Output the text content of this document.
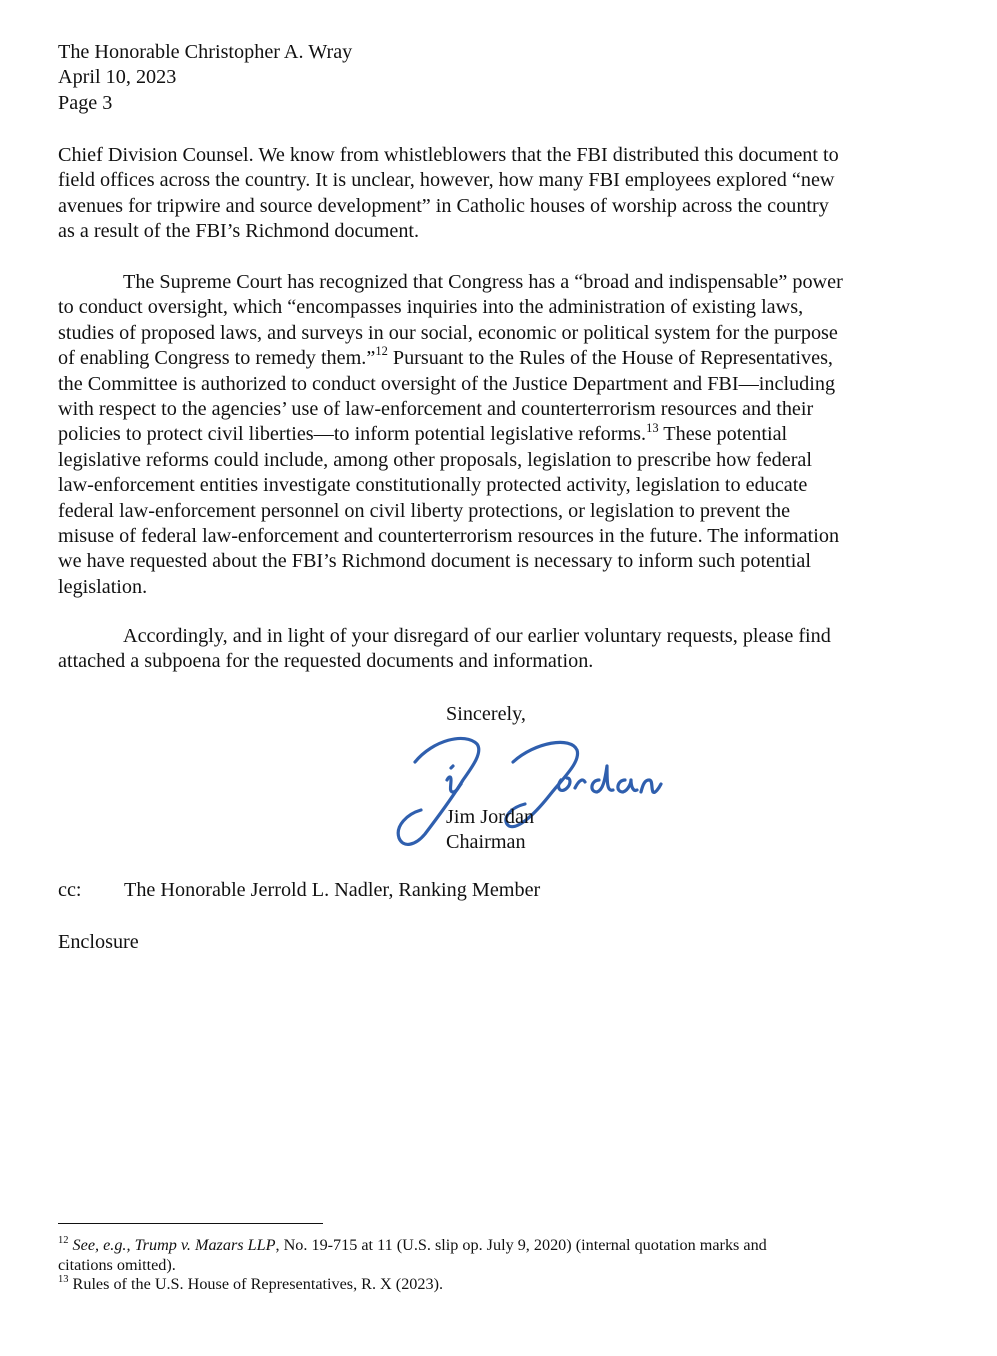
The Honorable Christopher A. Wray
April 10, 2023
Page 3
Chief Division Counsel. We know from whistleblowers that the FBI distributed this document to
field offices across the country. It is unclear, however, how many FBI employees explored “new
avenues for tripwire and source development” in Catholic houses of worship across the country
as a result of the FBI’s Richmond document.
The Supreme Court has recognized that Congress has a “broad and indispensable” power
to conduct oversight, which “encompasses inquiries into the administration of existing laws,
studies of proposed laws, and surveys in our social, economic or political system for the purpose
of enabling Congress to remedy them.”$^{12}$ Pursuant to the Rules of the House of Representatives,
the Committee is authorized to conduct oversight of the Justice Department and FBI—including
with respect to the agencies’ use of law-enforcement and counterterrorism resources and their
policies to protect civil liberties—to inform potential legislative reforms.$^{13}$ These potential
legislative reforms could include, among other proposals, legislation to prescribe how federal
law-enforcement entities investigate constitutionally protected activity, legislation to educate
federal law-enforcement personnel on civil liberty protections, or legislation to prevent the
misuse of federal law-enforcement and counterterrorism resources in the future. The information
we have requested about the FBI’s Richmond document is necessary to inform such potential
legislation.
Accordingly, and in light of your disregard of our earlier voluntary requests, please find
attached a subpoena for the requested documents and information.
Sincerely,
Jim Jordan
Chairman
cc: The Honorable Jerrold L. Nadler, Ranking Member
Enclosure
$^{12}$ See, e.g., Trump v. Mazars LLP, No. 19-715 at 11 (U.S. slip op. July 9, 2020) (internal quotation marks and
citations omitted).
$^{13}$ Rules of the U.S. House of Representatives, R. X (2023).
